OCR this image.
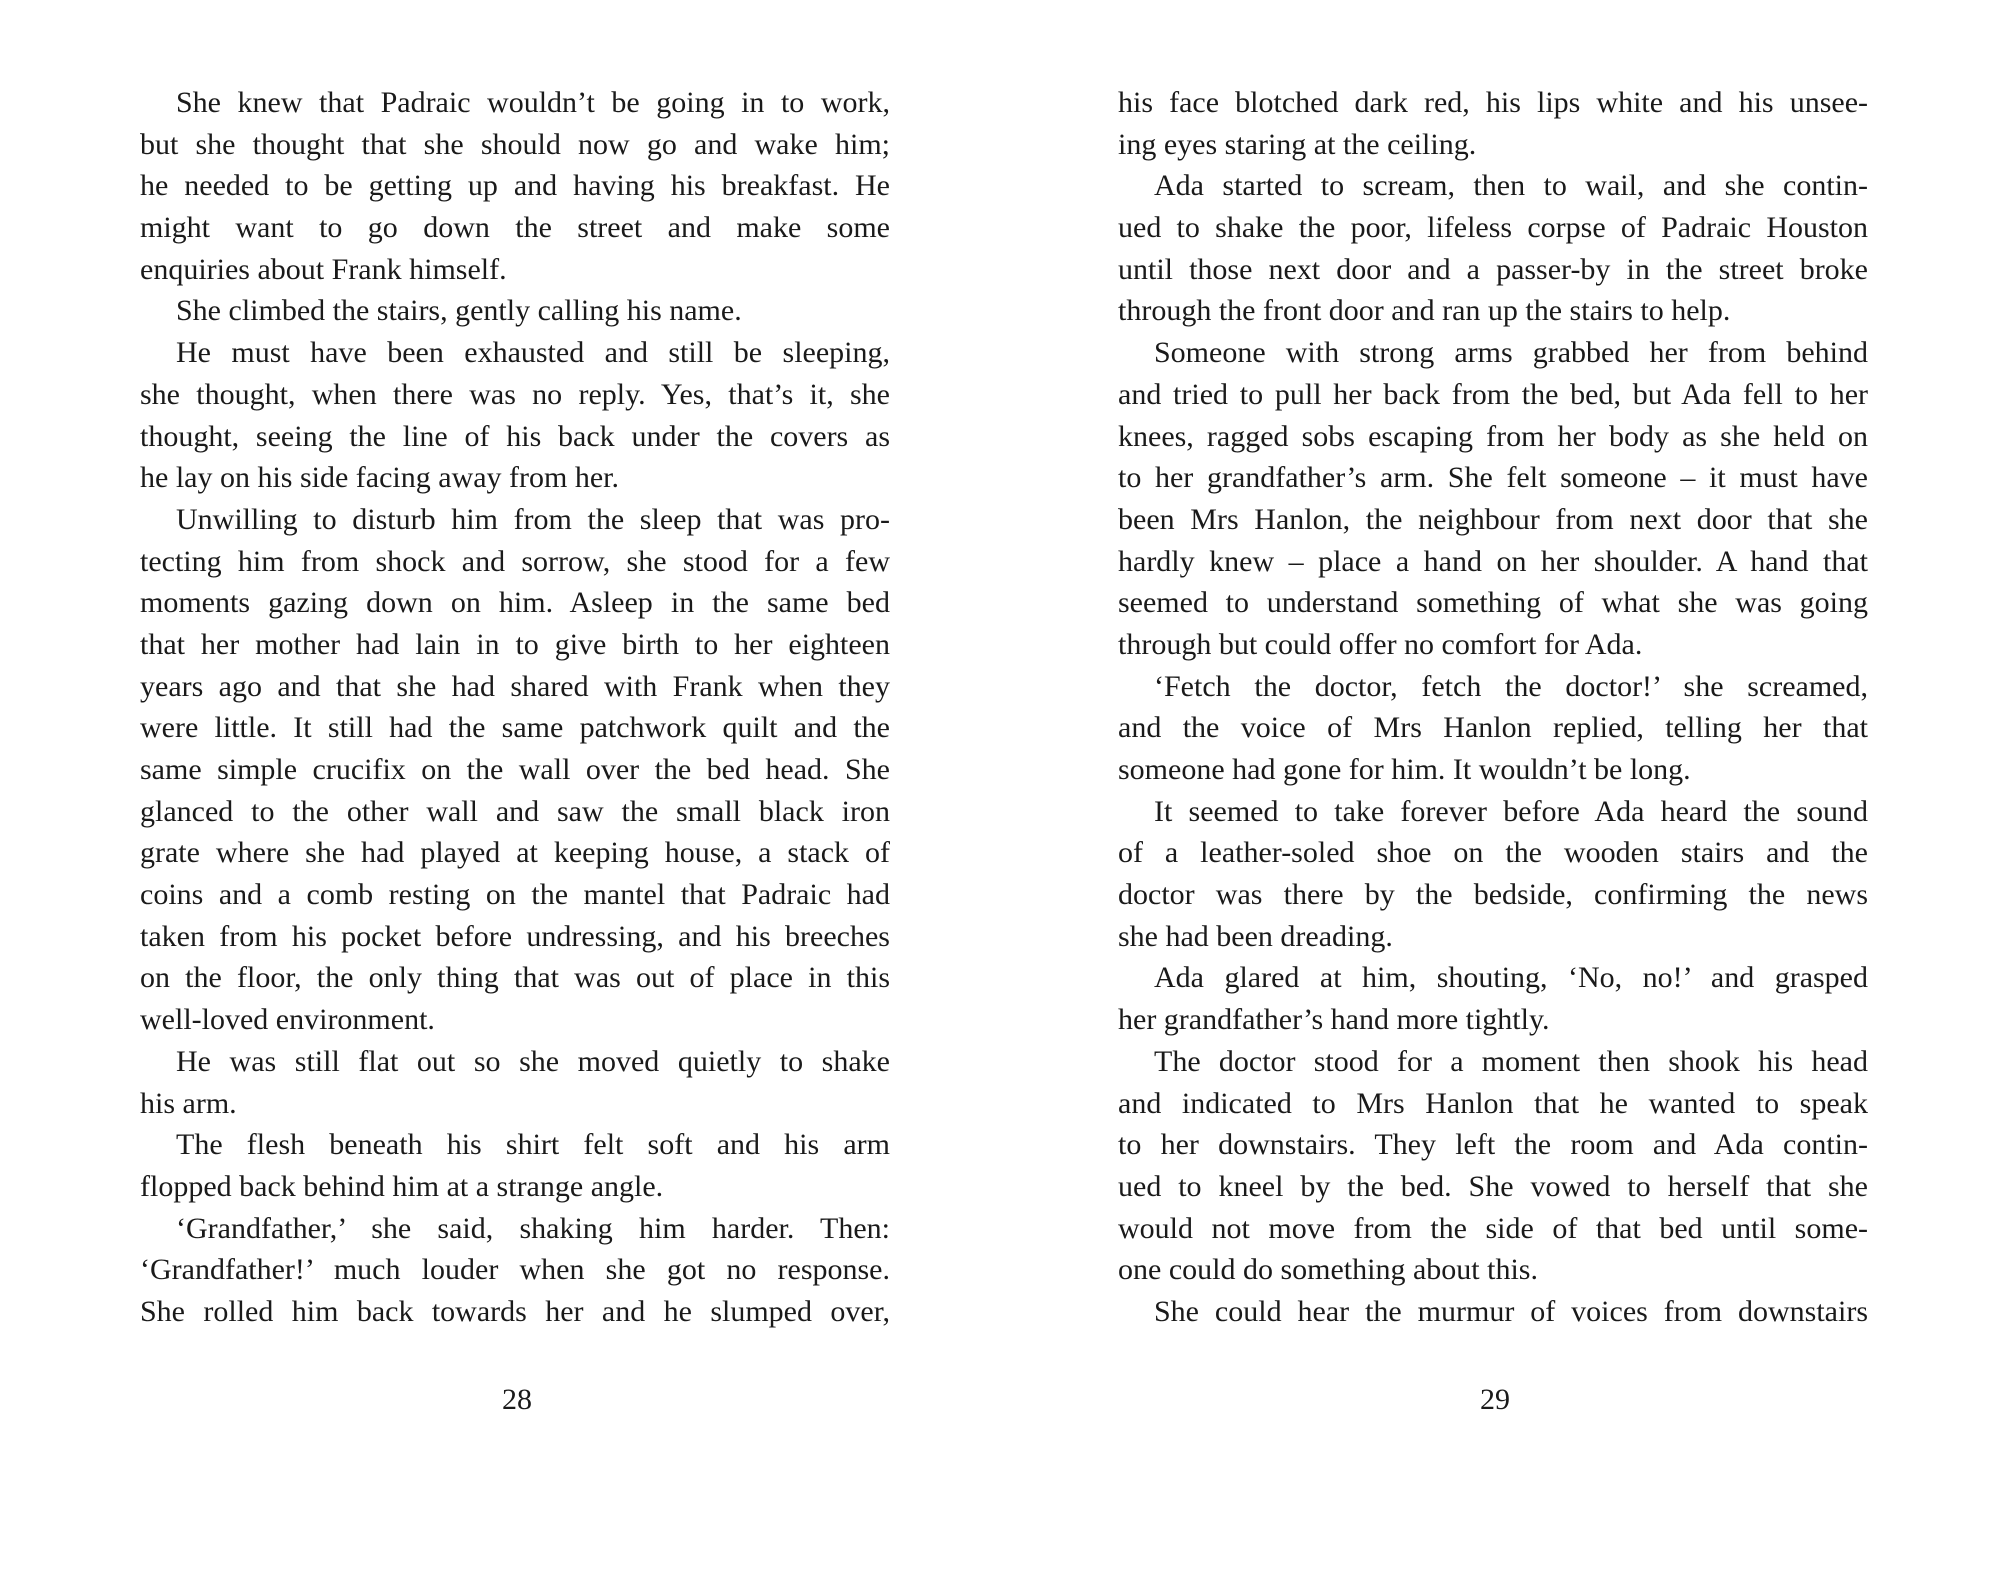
She knew that Padraic wouldn’t be going in to work,
but she thought that she should now go and wake him;
he needed to be getting up and having his breakfast. He
might want to go down the street and make some
enquiries about Frank himself.
She climbed the stairs, gently calling his name.
He must have been exhausted and still be sleeping,
she thought, when there was no reply. Yes, that’s it, she
thought, seeing the line of his back under the covers as
he lay on his side facing away from her.
Unwilling to disturb him from the sleep that was pro-
tecting him from shock and sorrow, she stood for a few
moments gazing down on him. Asleep in the same bed
that her mother had lain in to give birth to her eighteen
years ago and that she had shared with Frank when they
were little. It still had the same patchwork quilt and the
same simple crucifix on the wall over the bed head. She
glanced to the other wall and saw the small black iron
grate where she had played at keeping house, a stack of
coins and a comb resting on the mantel that Padraic had
taken from his pocket before undressing, and his breeches
on the floor, the only thing that was out of place in this
well-loved environment.
He was still flat out so she moved quietly to shake
his arm.
The flesh beneath his shirt felt soft and his arm
flopped back behind him at a strange angle.
‘Grandfather,’ she said, shaking him harder. Then:
‘Grandfather!’ much louder when she got no response.
She rolled him back towards her and he slumped over,
his face blotched dark red, his lips white and his unsee-
ing eyes staring at the ceiling.
Ada started to scream, then to wail, and she contin-
ued to shake the poor, lifeless corpse of Padraic Houston
until those next door and a passer-by in the street broke
through the front door and ran up the stairs to help.
Someone with strong arms grabbed her from behind
and tried to pull her back from the bed, but Ada fell to her
knees, ragged sobs escaping from her body as she held on
to her grandfather’s arm. She felt someone – it must have
been Mrs Hanlon, the neighbour from next door that she
hardly knew – place a hand on her shoulder. A hand that
seemed to understand something of what she was going
through but could offer no comfort for Ada.
‘Fetch the doctor, fetch the doctor!’ she screamed,
and the voice of Mrs Hanlon replied, telling her that
someone had gone for him. It wouldn’t be long.
It seemed to take forever before Ada heard the sound
of a leather-soled shoe on the wooden stairs and the
doctor was there by the bedside, confirming the news
she had been dreading.
Ada glared at him, shouting, ‘No, no!’ and grasped
her grandfather’s hand more tightly.
The doctor stood for a moment then shook his head
and indicated to Mrs Hanlon that he wanted to speak
to her downstairs. They left the room and Ada contin-
ued to kneel by the bed. She vowed to herself that she
would not move from the side of that bed until some-
one could do something about this.
She could hear the murmur of voices from downstairs
28	29
